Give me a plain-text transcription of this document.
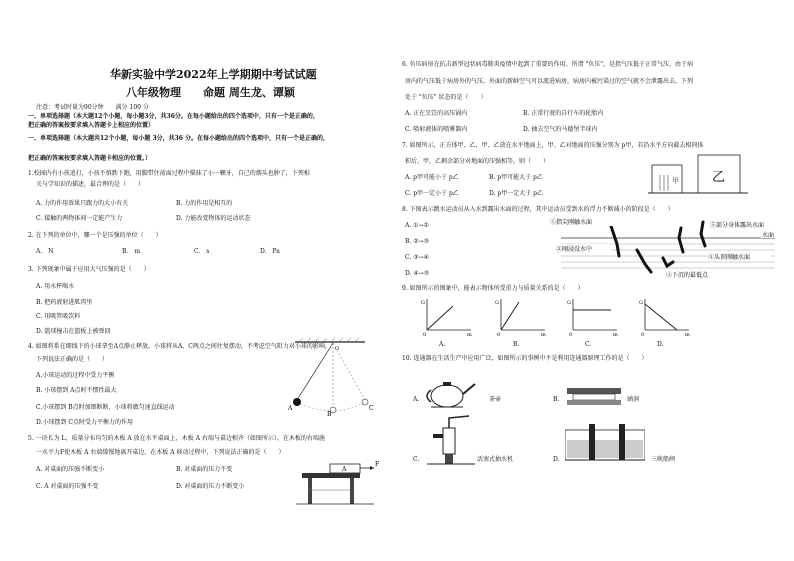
华新实验中学2022年上学期期中考试试题
八年级物理　　命题 周生龙、谭颖
注意：考试时量为90分钟　　满分 100 分
一、单项选择题（本大题12个小题，每小题3分，共36分。在每小题给出的四个选项中，只有一个是正确的，
把正确的答案按要求填入答题卡上相应的位置）
一、单项选择题（本大题共12个小题，每小题 3分，共36 分。在每小题给出的四个选项中，只有一个是正确的，
把正确的答案按要求填入答题卡相应的位置。）
1.校园内有小孩追打，小孩不慎跌下跑，用脚带住前面过程中描抹了小一颗牙，自己的烟头也肿了，下列相
关与学知识的描述，最合理的是（　　）
A. 力的作用效果只跟力的大小有关	B. 力的作用是相互的
C. 接触的两物体间一定能产生力	D. 力能改变物体的运动状态
2. 在下列的单位中，哪一个是压强的单位（　　）
A.　N	B.　m	C.　s	D.　Pa
3. 下列现象中属于应用大气压强的是（　　）
A. 用水杯喝水
B. 把药液射进肌肉里
C. 用吸管吸饮料
D. 篮球撞击在篮板上被弹回
4. 如图将系在细线下的小球拿至A点静止释放，小球将从A、C两点之间往复摆动，不考虑空气阻力对小球的影响，
下列说法正确的是（　　）
A.小球运动的过程中受力平衡
B. 小球摆到 A点时不惯性最大
C.小球摆到 B点时加细断断，小球将做匀速直线运动
D.小球摆到 C点时受力平衡力的作用
A
B
C
O
5. 一块长为 L，质量分布均匀的木板 A 放在水平桌面上，木板 A 右端与桌边相齐（如图所示）。在木板的右端施
一水平力F使木板 A 右端缓慢地离开桌边，在木板 A 移动过程中，下列说法正确的是（　　）
A. 对桌面的压强不断变小	B. 对桌面的压力不变
C. A 对桌面的压强不变	D. 对桌面的压力不断变小
A
F
6. 负压病房在抗击新型冠状病毒肺炎疫情中起到了重要的作用。所谓 "负压"，是指气压低于正常气压，由于病
房内的气压低于病房外的气压，外面的新鲜空气可以流进病房，病房内被污染过的空气就不会泄露出去。下列
处于 "负压" 状态的是（　　）
A. 正在烹饪的高压锅内	B. 正常行驶的自行车的轮胎内
C. 喷射液体的喷雾器内	D. 抽去空气的马德堡半球内
7. 如图所示，正方体甲、乙，甲、乙放在水平地面上，甲、乙对地面的压强分别为 p甲，若沿水平方向截去相同体
积后，甲，乙剩余部分对地面的压强相等，则（　　）
A. p甲可能小于 p乙	B. p甲可能大于 p乙
C. p甲一定小于 p乙	D. p甲一定大于 p乙
乙
甲
8. 下图表示跳水运动员从入水到露出水面的过程，其中运动员受到水的浮力不断减小的阶段是（　　）
A. ①→②
B. ②→③
C. ③→④
D. ④→⑤
①指尖刚触水面
②刚浸没水中
⑤部分身体露出水面
水面
④头顶刚触水面
③下沉的最低点
9. 如图所示的图象中，能表示物体所受重力与质量关系的是（　　）
G
m
0
G
m
0
G
m
0
G
m
0
A.	B.	C.	D.
10. 连通器在生活生产中应用广泛，如图所示的事例中不是利用连通器原理工作的是（　　）
A.	茶壶	B.	涵洞
C.	活塞式抽水机	D.	三峡船闸
